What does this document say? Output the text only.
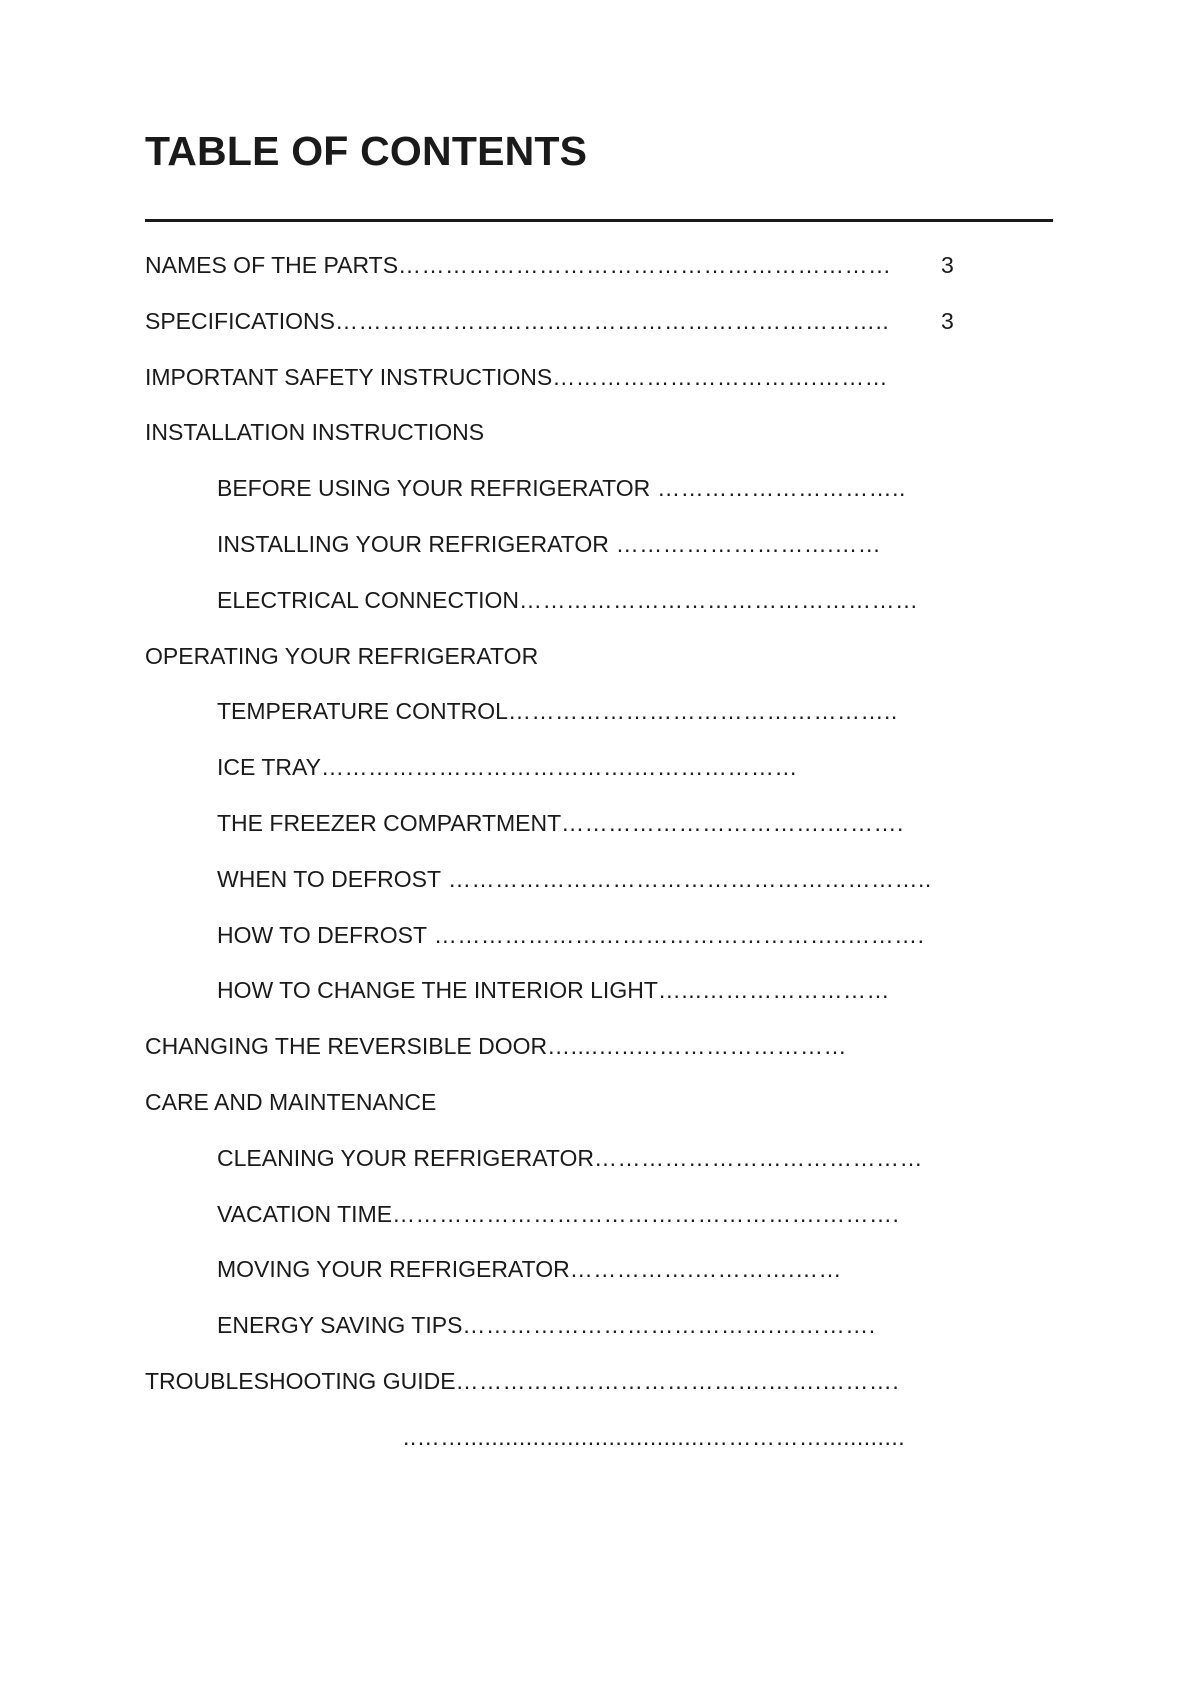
TABLE OF CONTENTS
NAMES OF THE PARTS……………………………………………………… 3
SPECIFICATIONS…………………………………………………………….. 3
IMPORTANT SAFETY INSTRUCTIONS…………………………….………
INSTALLATION INSTRUCTIONS
BEFORE USING YOUR REFRIGERATOR …………………………..
INSTALLING YOUR REFRIGERATOR ……………………….……
ELECTRICAL CONNECTION……………………………………………
OPERATING YOUR REFRIGERATOR
TEMPERATURE CONTROL…………………………………………..
ICE TRAY………………………………….…………………
THE FREEZER COMPARTMENT…………………………….……….
WHEN TO DEFROST ……………………………………………………..
HOW TO DEFROST ……………………………………………..……….
HOW TO CHANGE THE INTERIOR LIGHT…...……………………
CHANGING THE REVERSIBLE DOOR…....…..………………………
CARE AND MAINTENANCE
CLEANING YOUR REFRIGERATOR……………………………………
VACATION TIME……………………………………………….……….
MOVING YOUR REFRIGERATOR…………….………….……
ENERGY SAVING TIPS………………………………….………….
TROUBLESHOOTING GUIDE………………………………….…….……….
..……...................................……………............
